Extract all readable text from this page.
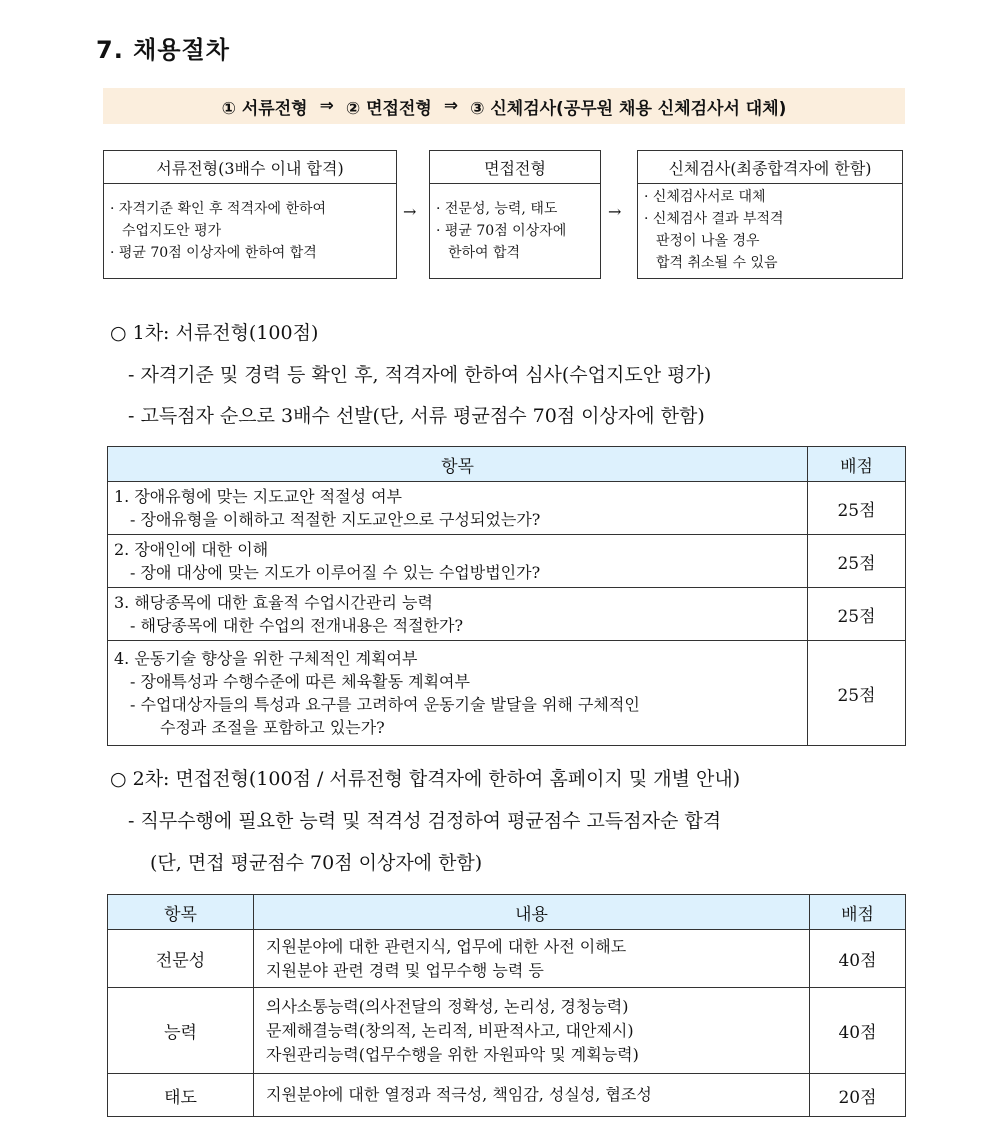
7. 채용절차
① 서류전형 ⇒ ② 면접전형 ⇒ ③ 신체검사(공무원 채용 신체검사서 대체)
서류전형(3배수 이내 합격)
· 자격기준 확인 후 적격자에 한하여
수업지도안 평가
· 평균 70점 이상자에 한하여 합격
→
면접전형
· 전문성, 능력, 태도
· 평균 70점 이상자에
한하여 합격
→
신체검사(최종합격자에 한함)
· 신체검사서로 대체
· 신체검사 결과 부적격
판정이 나올 경우
합격 취소될 수 있음
○ 1차: 서류전형(100점)
- 자격기준 및 경력 등 확인 후, 적격자에 한하여 심사(수업지도안 평가)
- 고득점자 순으로 3배수 선발(단, 서류 평균점수 70점 이상자에 한함)
항목	배점

1. 장애유형에 맞는 지도교안 적절성 여부
- 장애유형을 이해하고 적절한 지도교안으로 구성되었는가?	25점

2. 장애인에 대한 이해
- 장애 대상에 맞는 지도가 이루어질 수 있는 수업방법인가?	25점

3. 해당종목에 대한 효율적 수업시간관리 능력
- 해당종목에 대한 수업의 전개내용은 적절한가?	25점

4. 운동기술 향상을 위한 구체적인 계획여부
- 장애특성과 수행수준에 따른 체육활동 계획여부
- 수업대상자들의 특성과 요구를 고려하여 운동기술 발달을 위해 구체적인
수정과 조절을 포함하고 있는가?	25점
○ 2차: 면접전형(100점 / 서류전형 합격자에 한하여 홈페이지 및 개별 안내)
- 직무수행에 필요한 능력 및 적격성 검정하여 평균점수 고득점자순 합격
(단, 면접 평균점수 70점 이상자에 한함)
항목	내용	배점
전문성	지원분야에 대한 관련지식, 업무에 대한 사전 이해도
지원분야 관련 경력 및 업무수행 능력 등	40점
능력	의사소통능력(의사전달의 정확성, 논리성, 경청능력)
문제해결능력(창의적, 논리적, 비판적사고, 대안제시)
자원관리능력(업무수행을 위한 자원파악 및 계획능력)	40점
태도	지원분야에 대한 열정과 적극성, 책임감, 성실성, 협조성	20점
